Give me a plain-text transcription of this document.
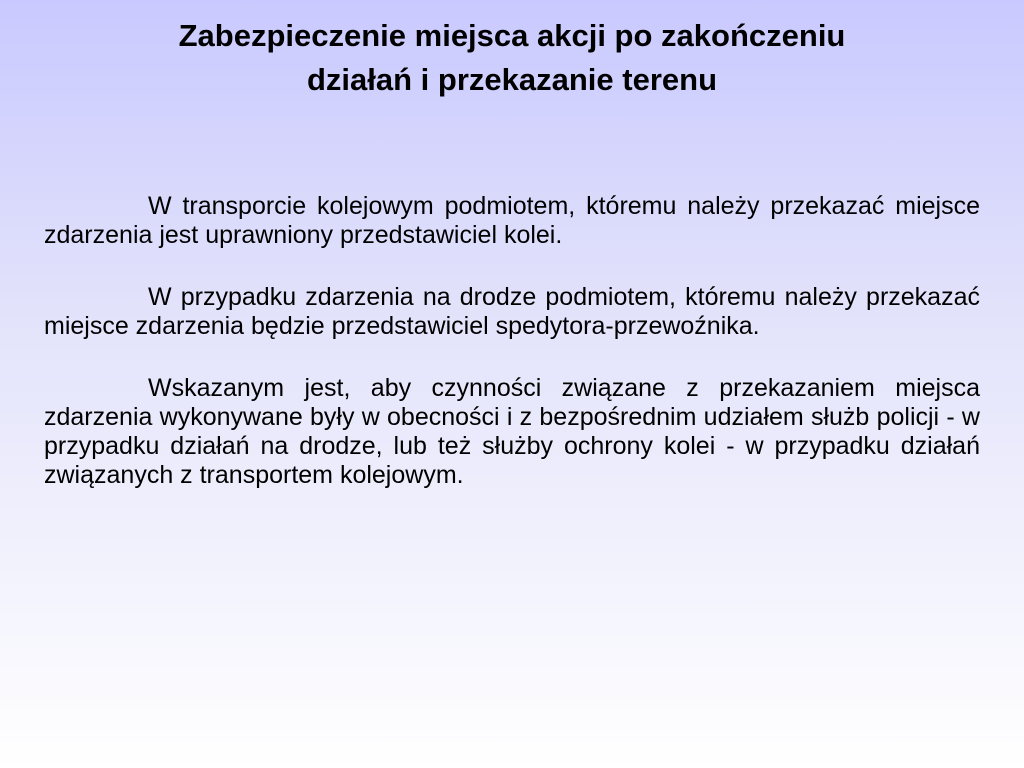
Zabezpieczenie miejsca akcji po zakończeniu
działań i przekazanie terenu

W transporcie kolejowym podmiotem, któremu należy przekazać miejsce zdarzenia jest uprawniony przedstawiciel kolei.

W przypadku zdarzenia na drodze podmiotem, któremu należy przekazać miejsce zdarzenia będzie przedstawiciel spedytora-przewoźnika.

Wskazanym jest, aby czynności związane z przekazaniem miejsca zdarzenia wykonywane były w obecności i z bezpośrednim udziałem służb policji - w przypadku działań na drodze, lub też służby ochrony kolei - w przypadku działań związanych z transportem kolejowym.
